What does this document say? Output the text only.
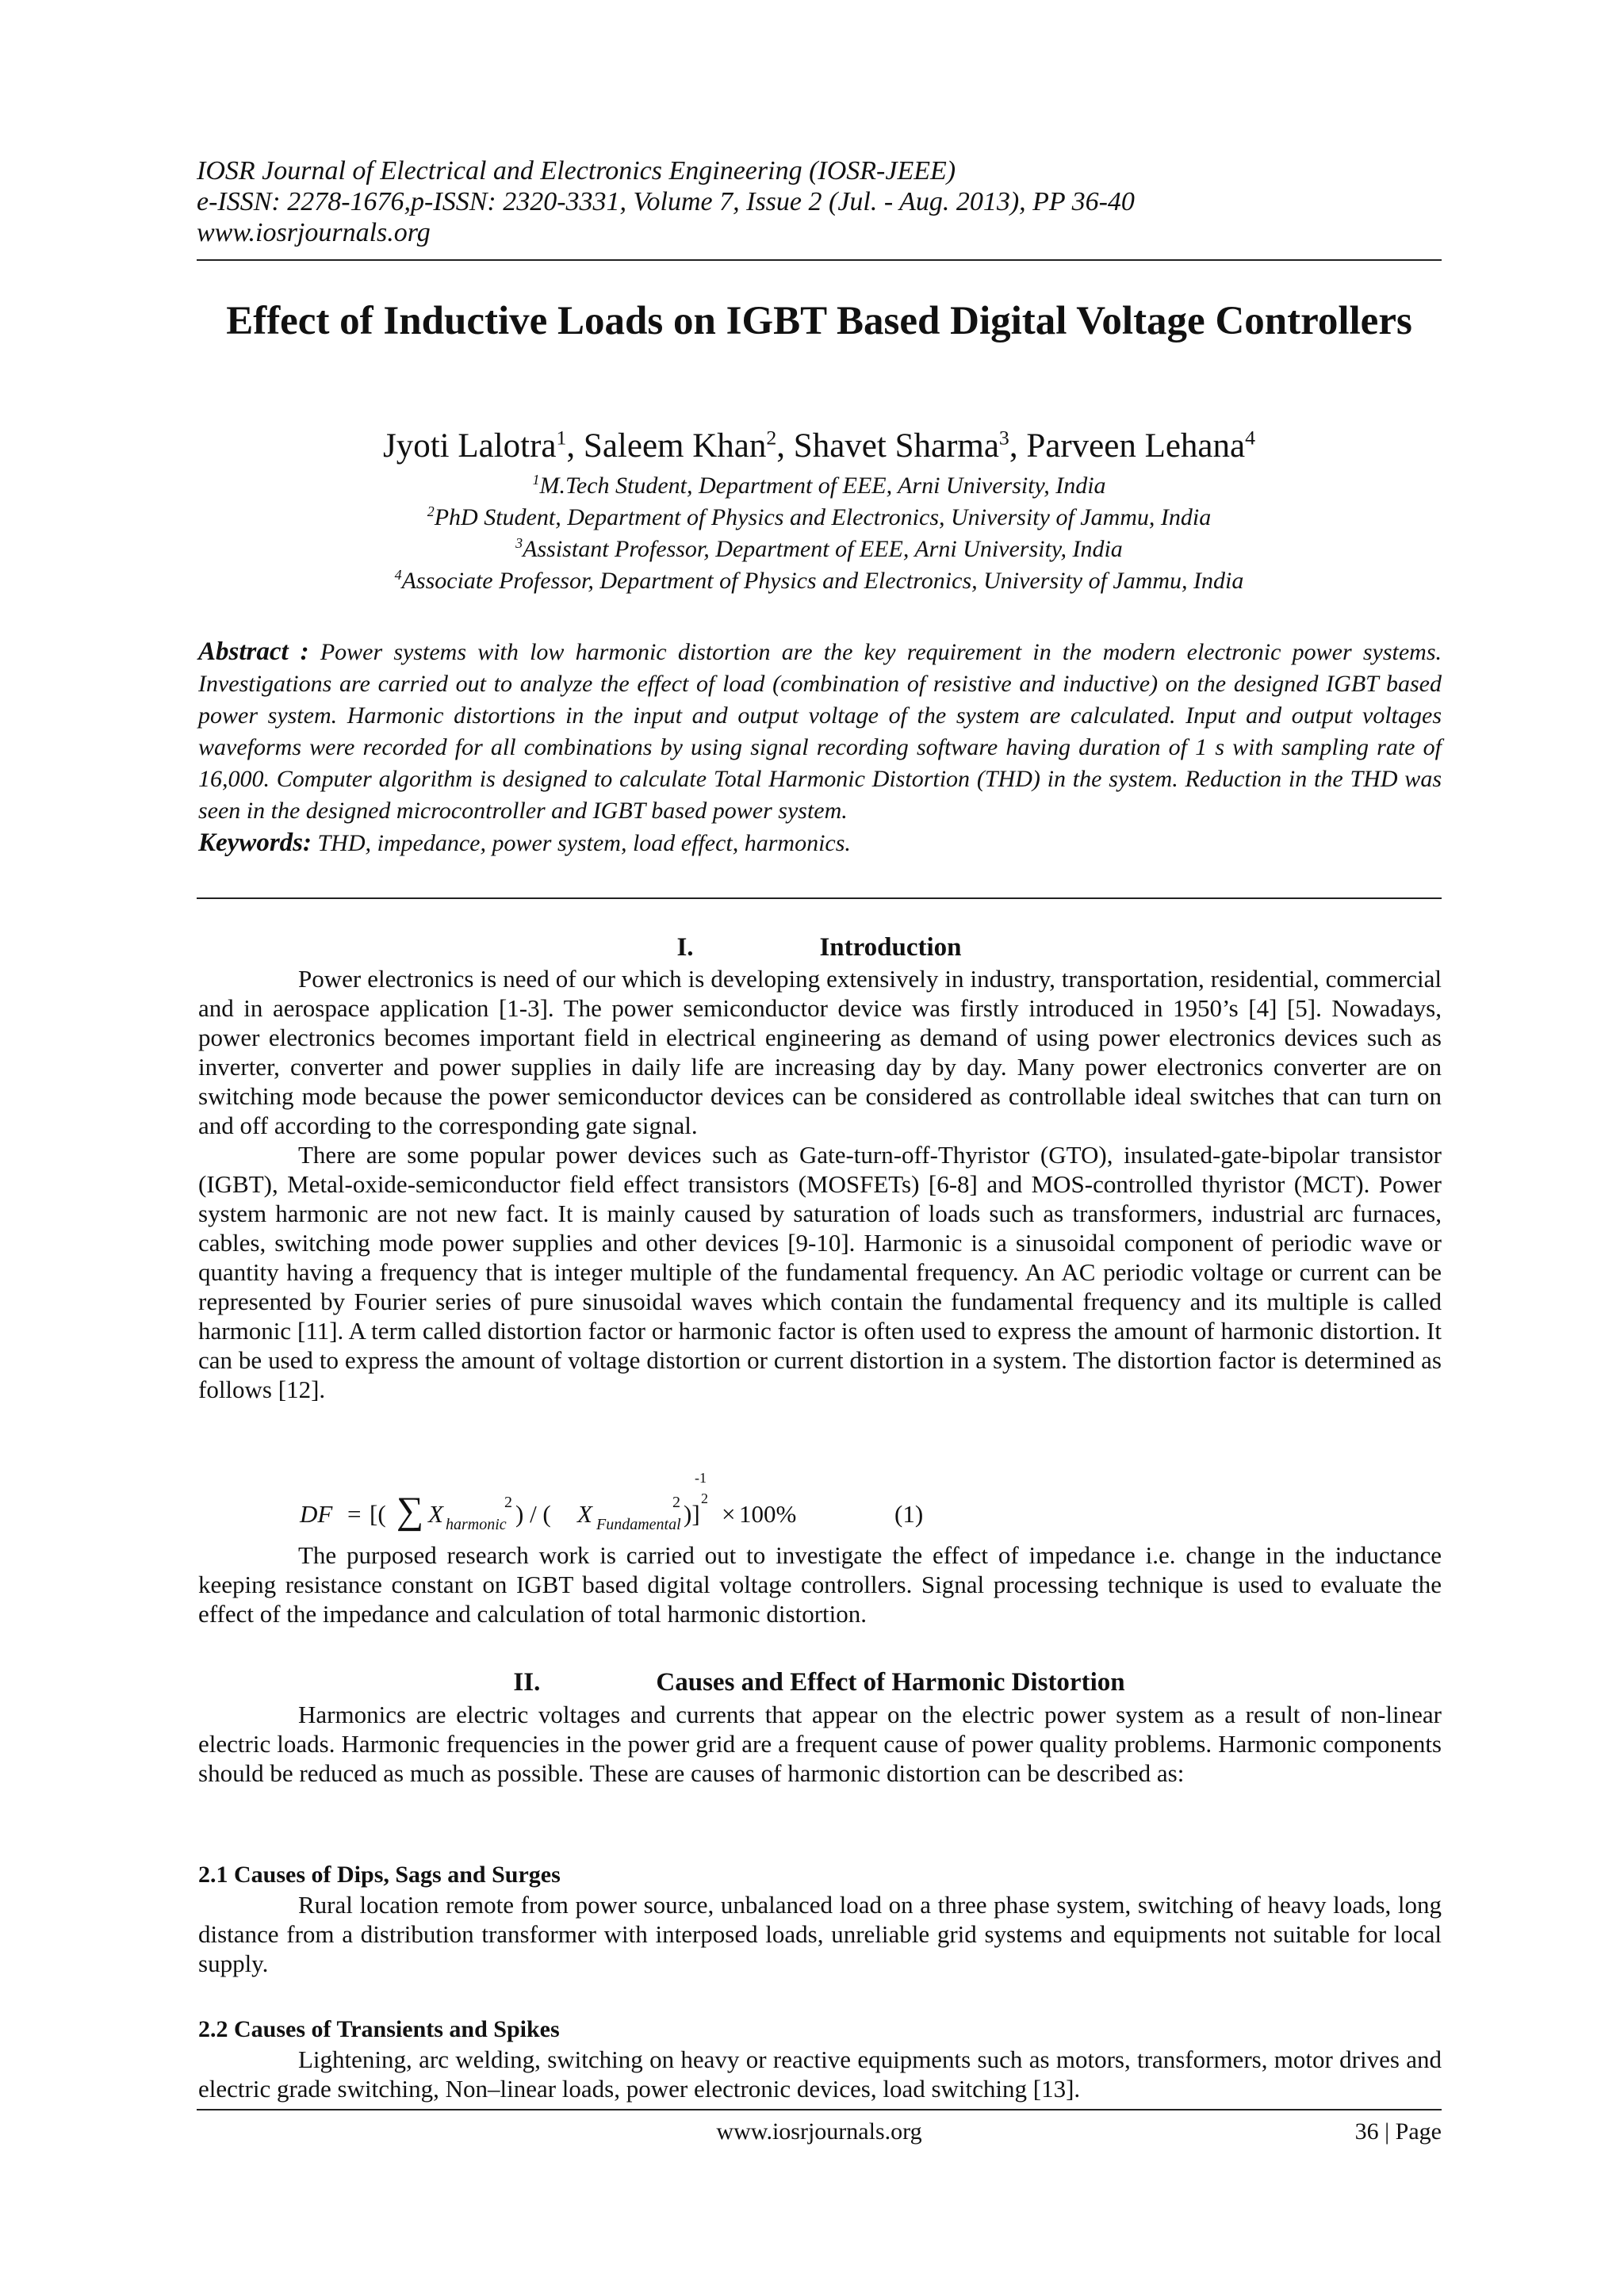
IOSR Journal of Electrical and Electronics Engineering (IOSR-JEEE)
e-ISSN: 2278-1676,p-ISSN: 2320-3331, Volume 7, Issue 2 (Jul. - Aug. 2013), PP 36-40
www.iosrjournals.org
Effect of Inductive Loads on IGBT Based Digital Voltage Controllers
Jyoti Lalotra$^1$, Saleem Khan$^2$, Shavet Sharma$^3$, Parveen Lehana$^4$
$^1$M.Tech Student, Department of EEE, Arni University, India
$^2$PhD Student, Department of Physics and Electronics, University of Jammu, India
$^3$Assistant Professor, Department of EEE, Arni University, India
$^4$Associate Professor, Department of Physics and Electronics, University of Jammu, India
Abstract : Power systems with low harmonic distortion are the key requirement in the modern electronic power systems. Investigations are carried out to analyze the effect of load (combination of resistive and inductive) on the designed IGBT based power system. Harmonic distortions in the input and output voltage of the system are calculated. Input and output voltages waveforms were recorded for all combinations by using signal recording software having duration of 1 s with sampling rate of 16,000. Computer algorithm is designed to calculate Total Harmonic Distortion (THD) in the system. Reduction in the THD was seen in the designed microcontroller and IGBT based power system.
Keywords: THD, impedance, power system, load effect, harmonics.
I.	Introduction

Power electronics is need of our which is developing extensively in industry, transportation, residential, commercial and in aerospace application [1-3]. The power semiconductor device was firstly introduced in 1950’s [4] [5]. Nowadays, power electronics becomes important field in electrical engineering as demand of using power electronics devices such as inverter, converter and power supplies in daily life are increasing day by day. Many power electronics converter are on switching mode because the power semiconductor devices can be considered as controllable ideal switches that can turn on and off according to the corresponding gate signal.

There are some popular power devices such as Gate-turn-off-Thyristor (GTO), insulated-gate-bipolar transistor (IGBT), Metal-oxide-semiconductor field effect transistors (MOSFETs) [6-8] and MOS-controlled thyristor (MCT). Power system harmonic are not new fact. It is mainly caused by saturation of loads such as transformers, industrial arc furnaces, cables, switching mode power supplies and other devices [9-10]. Harmonic is a sinusoidal component of periodic wave or quantity having a frequency that is integer multiple of the fundamental frequency. An AC periodic voltage or current can be represented by Fourier series of pure sinusoidal waves which contain the fundamental frequency and its multiple is called harmonic [11]. A term called distortion factor or harmonic factor is often used to express the amount of harmonic distortion. It can be used to express the amount of voltage distortion or current distortion in a system. The distortion factor is determined as follows [12].

DF = [( ∑ X harmonic
2 ) / ( X Fundamental
2 )]
-1
2
× 100%	(1)

The purposed research work is carried out to investigate the effect of impedance i.e. change in the inductance keeping resistance constant on IGBT based digital voltage controllers. Signal processing technique is used to evaluate the effect of the impedance and calculation of total harmonic distortion.

II.	Causes and Effect of Harmonic Distortion

Harmonics are electric voltages and currents that appear on the electric power system as a result of non-linear electric loads. Harmonic frequencies in the power grid are a frequent cause of power quality problems. Harmonic components should be reduced as much as possible. These are causes of harmonic distortion can be described as:

2.1 Causes of Dips, Sags and Surges

Rural location remote from power source, unbalanced load on a three phase system, switching of heavy loads, long distance from a distribution transformer with interposed loads, unreliable grid systems and equipments not suitable for local supply.

2.2 Causes of Transients and Spikes

Lightening, arc welding, switching on heavy or reactive equipments such as motors, transformers, motor drives and electric grade switching, Non–linear loads, power electronic devices, load switching [13].

www.iosrjournals.org	36 | Page
